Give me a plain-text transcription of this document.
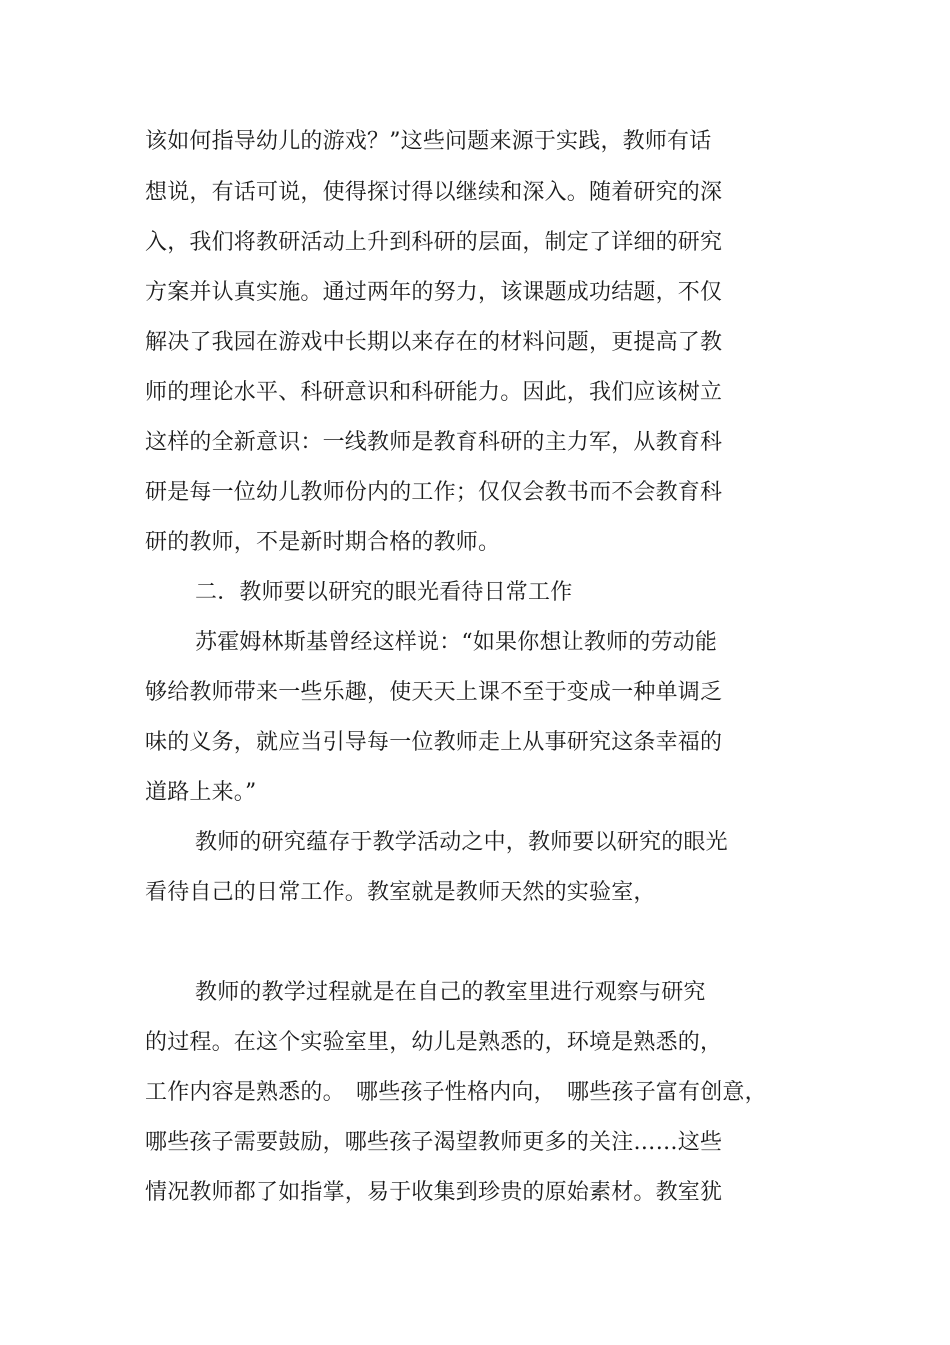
该如何指导幼儿的游戏？”这些问题来源于实践，教师有话
想说，有话可说，使得探讨得以继续和深入。随着研究的深
入，我们将教研活动上升到科研的层面，制定了详细的研究
方案并认真实施。通过两年的努力，该课题成功结题，不仅
解决了我园在游戏中长期以来存在的材料问题，更提高了教
师的理论水平、科研意识和科研能力。因此，我们应该树立
这样的全新意识：一线教师是教育科研的主力军，从教育科
研是每一位幼儿教师份内的工作；仅仅会教书而不会教育科
研的教师，不是新时期合格的教师。
二．教师要以研究的眼光看待日常工作
苏霍姆林斯基曾经这样说：“如果你想让教师的劳动能
够给教师带来一些乐趣，使天天上课不至于变成一种单调乏
味的义务，就应当引导每一位教师走上从事研究这条幸福的
道路上来。”
教师的研究蕴存于教学活动之中，教师要以研究的眼光
看待自己的日常工作。教室就是教师天然的实验室，
教师的教学过程就是在自己的教室里进行观察与研究
的过程。在这个实验室里，幼儿是熟悉的，环境是熟悉的，
工作内容是熟悉的。　哪些孩子性格内向，　哪些孩子富有创意，
哪些孩子需要鼓励，哪些孩子渴望教师更多的关注……这些
情况教师都了如指掌，易于收集到珍贵的原始素材。教室犹
